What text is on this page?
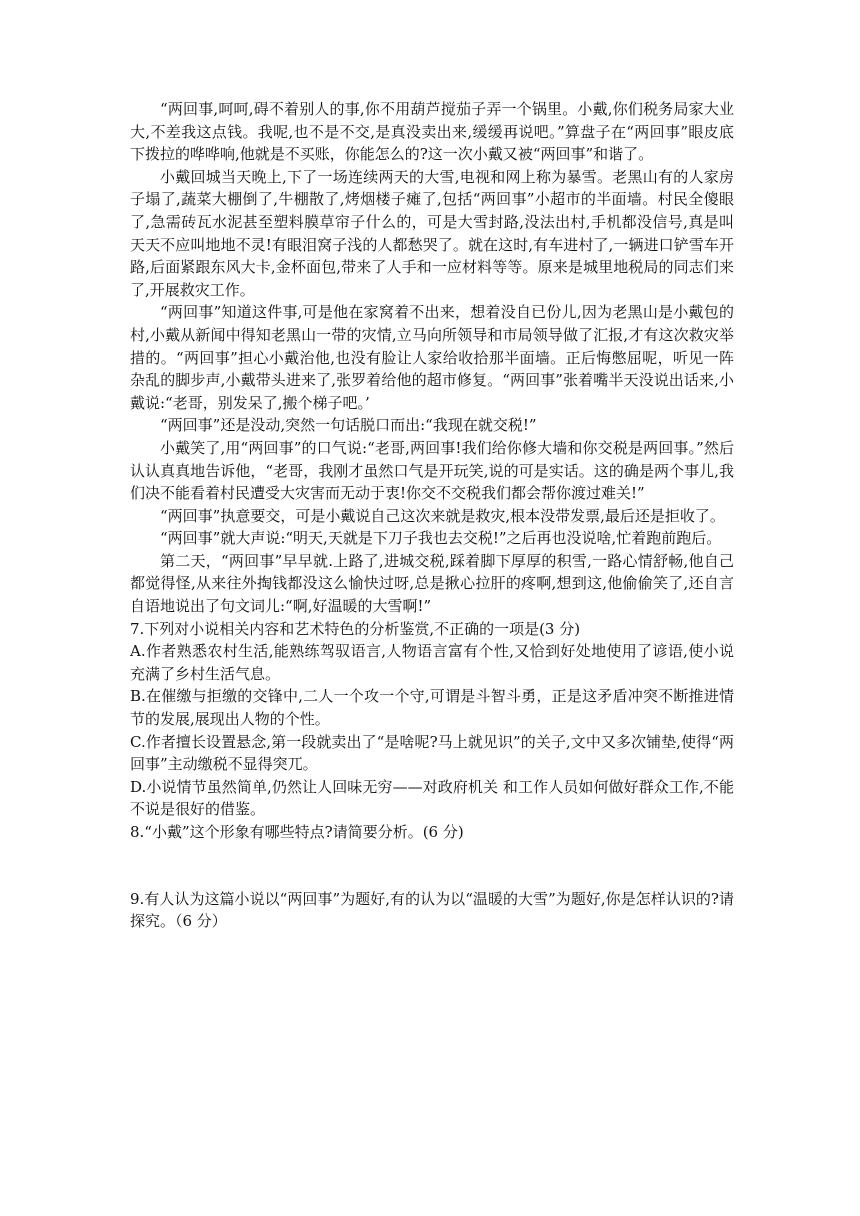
“两回事,呵呵,碍不着别人的事,你不用葫芦搅茄子弄一个锅里。小戴,你们税务局家大业大,不差我这点钱。我呢,也不是不交,是真没卖出来,缓缓再说吧。”算盘子在“两回事”眼皮底下拨拉的哗哗响,他就是不买账，你能怎么的?这一次小戴又被“两回事”和谐了。

小戴回城当天晚上,下了一场连续两天的大雪,电视和网上称为暴雪。老黑山有的人家房子塌了,蔬菜大棚倒了,牛棚散了,烤烟楼子瘫了,包括“两回事”小超市的半面墙。村民全傻眼了,急需砖瓦水泥甚至塑料膜草帘子什么的，可是大雪封路,没法出村,手机都没信号,真是叫天天不应叫地地不灵!有眼泪窝子浅的人都愁哭了。就在这时,有车进村了,一辆进口铲雪车开路,后面紧跟东风大卡,金杯面包,带来了人手和一应材料等等。原来是城里地税局的同志们来了,开展救灾工作。

“两回事”知道这件事,可是他在家窝着不出来，想着没自已份儿,因为老黑山是小戴包的村,小戴从新闻中得知老黑山一带的灾情,立马向所领导和市局领导做了汇报,才有这次救灾举措的。“两回事”担心小戴治他,也没有脸让人家给收拾那半面墙。正后悔憋屈呢，听见一阵杂乱的脚步声,小戴带头进来了,张罗着给他的超市修复。“两回事”张着嘴半天没说出话来,小戴说:“老哥，别发呆了,搬个梯子吧。’

“两回事”还是没动,突然一句话脱口而出:“我现在就交税!”

小戴笑了,用“两回事”的口气说:“老哥,两回事!我们给你修大墙和你交税是两回事。”然后认认真真地告诉他，“老哥，我刚才虽然口气是开玩笑,说的可是实话。这的确是两个事儿,我们决不能看着村民遭受大灾害而无动于衷!你交不交税我们都会帮你渡过难关!”

“两回事”执意要交，可是小戴说自己这次来就是救灾,根本没带发票,最后还是拒收了。

“两回事”就大声说:“明天,天就是下刀子我也去交税!”之后再也没说啥,忙着跑前跑后。

第二天，“两回事”早早就.上路了,进城交税,踩着脚下厚厚的积雪,一路心情舒畅,他自己都觉得怪,从来往外掏钱都没这么愉快过呀,总是揪心拉肝的疼啊,想到这,他偷偷笑了,还自言自语地说出了句文词儿:“啊,好温暖的大雪啊!”

7.下列对小说相关内容和艺术特色的分析鉴赏,不正确的一项是(3 分)

A.作者熟悉农村生活,能熟练驾驭语言,人物语言富有个性,又恰到好处地使用了谚语,使小说充满了乡村生活气息。

B.在催缴与拒缴的交锋中,二人一个攻一个守,可谓是斗智斗勇，正是这矛盾冲突不断推进情节的发展,展现出人物的个性。

C.作者擅长设置悬念,第一段就卖出了“是啥呢?马上就见识”的关子,文中又多次铺垫,使得“两回事”主动缴税不显得突兀。

D.小说情节虽然简单,仍然让人回味无穷——对政府机关 和工作人员如何做好群众工作,不能不说是很好的借鉴。

8.“小戴”这个形象有哪些特点?请简要分析。(6 分)

9.有人认为这篇小说以“两回事”为题好,有的认为以“温暖的大雪”为题好,你是怎样认识的?请探究。（6 分）
